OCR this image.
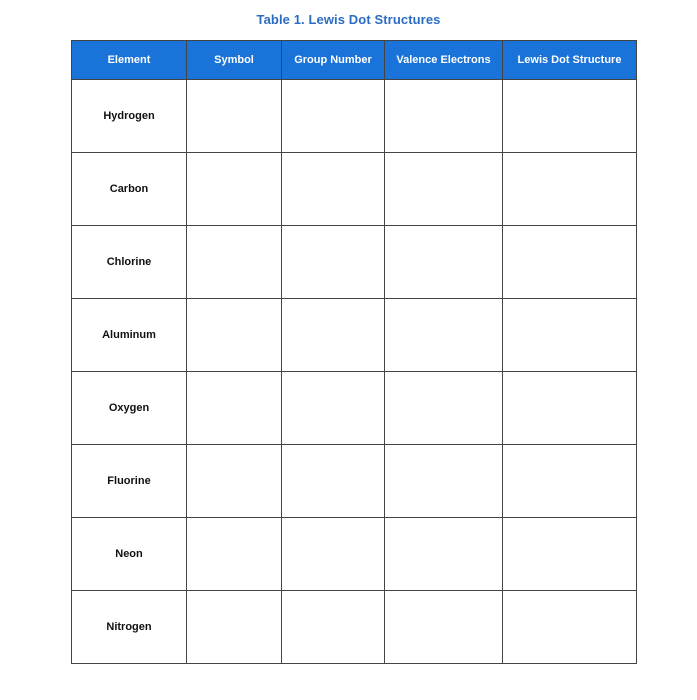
Table 1. Lewis Dot Structures
Element	Symbol	Group Number	Valence Electrons	Lewis Dot Structure
Hydrogen				
Carbon				
Chlorine				
Aluminum				
Oxygen				
Fluorine				
Neon				
Nitrogen				
